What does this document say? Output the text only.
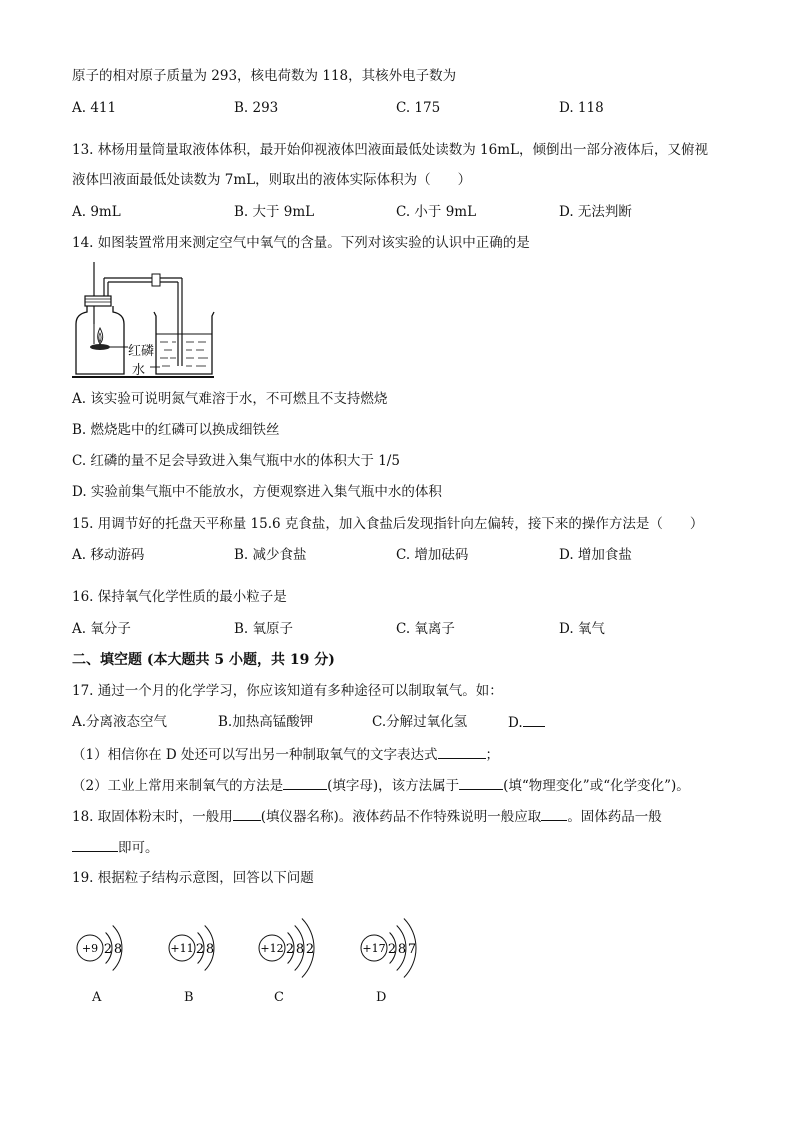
原子的相对原子质量为 293，核电荷数为 118，其核外电子数为
A. 411	B. 293	C. 175	D. 118
13. 林杨用量筒量取液体体积，最开始仰视液体凹液面最低处读数为 16mL，倾倒出一部分液体后，又俯视
液体凹液面最低处读数为 7mL，则取出的液体实际体积为（　　）
A. 9mL	B. 大于 9mL	C. 小于 9mL	D. 无法判断
14. 如图装置常用来测定空气中氧气的含量。下列对该实验的认识中正确的是
红磷
水
A. 该实验可说明氮气难溶于水，不可燃且不支持燃烧
B. 燃烧匙中的红磷可以换成细铁丝
C. 红磷的量不足会导致进入集气瓶中水的体积大于 1/5
D. 实验前集气瓶中不能放水，方便观察进入集气瓶中水的体积
15. 用调节好的托盘天平称量 15.6 克食盐，加入食盐后发现指针向左偏转，接下来的操作方法是（　　）
A. 移动游码	B. 减少食盐	C. 增加砝码	D. 增加食盐
16. 保持氧气化学性质的最小粒子是
A. 氧分子	B. 氧原子	C. 氧离子	D. 氧气
二、填空题 (本大题共 5 小题，共 19 分)
17. 通过一个月的化学学习，你应该知道有多种途径可以制取氧气。如：
A.分离液态空气	B.加热高锰酸钾	C.分解过氧化氢	D.
（1）相信你在 D 处还可以写出另一种制取氧气的文字表达式	；
（2）工业上常用来制氧气的方法是	(填字母)，该方法属于	(填“物理变化”或“化学变化”)。
18. 取固体粉末时，一般用 (填仪器名称)。液体药品不作特殊说明一般应取 。固体药品一般
即可。
19. 根据粒子结构示意图，回答以下问题
+9 2 8
A
+11 2 8
B
+12 2 8 2
C
+17 2 8 7
D
